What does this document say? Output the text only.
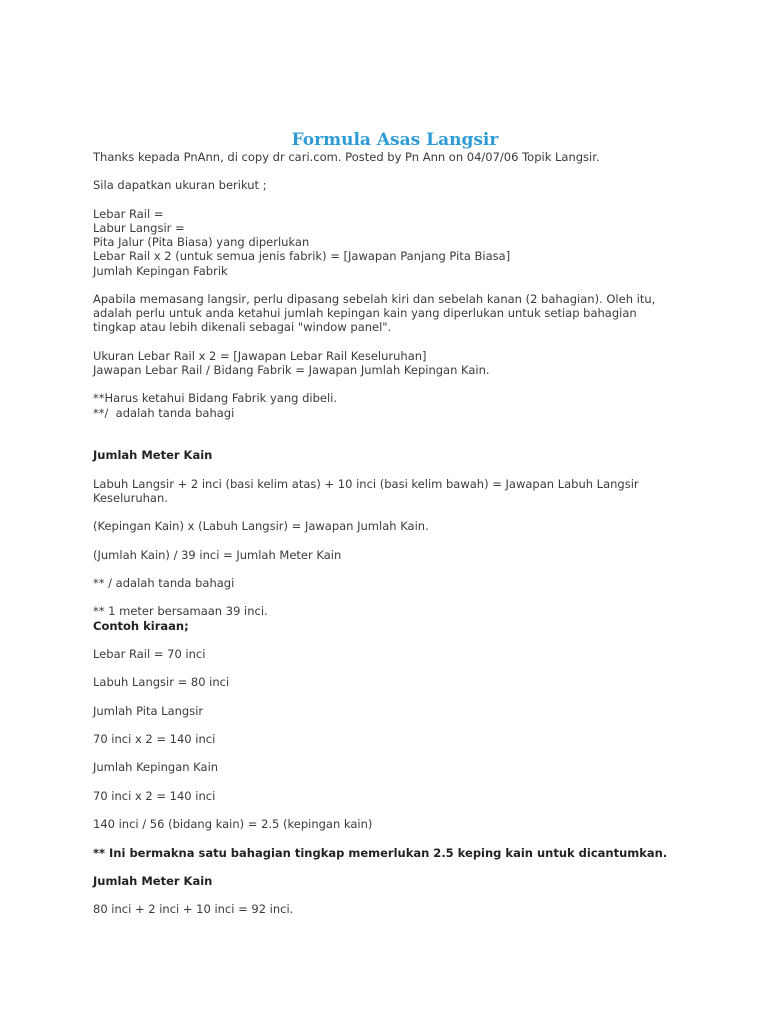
Formula Asas Langsir
Thanks kepada PnAnn, di copy dr cari.com. Posted by Pn Ann on 04/07/06 Topik Langsir.
Sila dapatkan ukuran berikut ;
Lebar Rail =
Labur Langsir =
Pita Jalur (Pita Biasa) yang diperlukan
Lebar Rail x 2 (untuk semua jenis fabrik) = [Jawapan Panjang Pita Biasa]
Jumlah Kepingan Fabrik
Apabila memasang langsir, perlu dipasang sebelah kiri dan sebelah kanan (2 bahagian). Oleh itu,
adalah perlu untuk anda ketahui jumlah kepingan kain yang diperlukan untuk setiap bahagian
tingkap atau lebih dikenali sebagai "window panel".
Ukuran Lebar Rail x 2 = [Jawapan Lebar Rail Keseluruhan]
Jawapan Lebar Rail / Bidang Fabrik = Jawapan Jumlah Kepingan Kain.
**Harus ketahui Bidang Fabrik yang dibeli.
**/  adalah tanda bahagi
Jumlah Meter Kain
Labuh Langsir + 2 inci (basi kelim atas) + 10 inci (basi kelim bawah) = Jawapan Labuh Langsir
Keseluruhan.
(Kepingan Kain) x (Labuh Langsir) = Jawapan Jumlah Kain.
(Jumlah Kain) / 39 inci = Jumlah Meter Kain
** / adalah tanda bahagi
** 1 meter bersamaan 39 inci.
Contoh kiraan;
Lebar Rail = 70 inci
Labuh Langsir = 80 inci
Jumlah Pita Langsir
70 inci x 2 = 140 inci
Jumlah Kepingan Kain
70 inci x 2 = 140 inci
140 inci / 56 (bidang kain) = 2.5 (kepingan kain)
** Ini bermakna satu bahagian tingkap memerlukan 2.5 keping kain untuk dicantumkan.
Jumlah Meter Kain
80 inci + 2 inci + 10 inci = 92 inci.
